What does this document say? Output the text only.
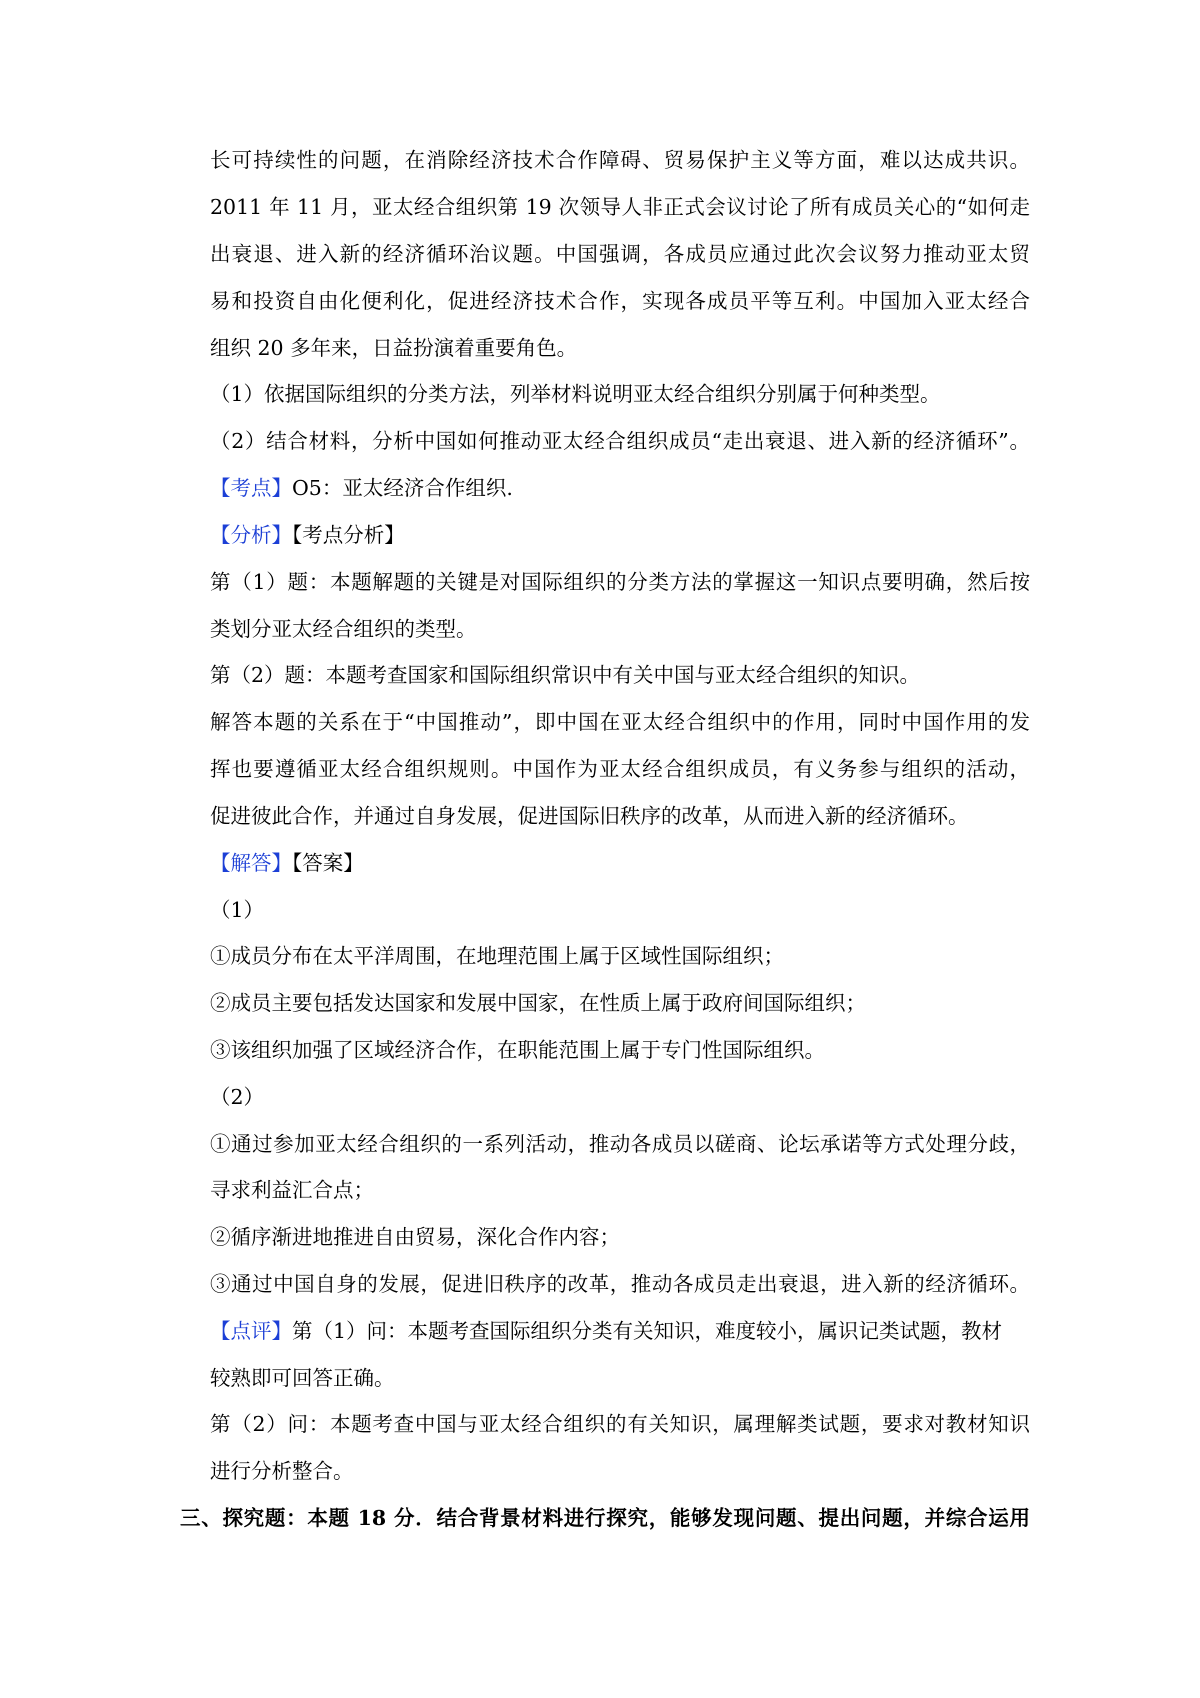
长可持续性的问题，在消除经济技术合作障碍、贸易保护主义等方面，难以达成共识。
2011 年 11 月，亚太经合组织第 19 次领导人非正式会议讨论了所有成员关心的“如何走
出衰退、进入新的经济循环治议题。中国强调，各成员应通过此次会议努力推动亚太贸
易和投资自由化便利化，促进经济技术合作，实现各成员平等互利。中国加入亚太经合
组织 20 多年来，日益扮演着重要角色。
（1）依据国际组织的分类方法，列举材料说明亚太经合组织分别属于何种类型。
（2）结合材料，分析中国如何推动亚太经合组织成员“走出衰退、进入新的经济循环”。
【考点】O5：亚太经济合作组织.
【分析】【考点分析】
第（1）题：本题解题的关键是对国际组织的分类方法的掌握这一知识点要明确，然后按
类划分亚太经合组织的类型。
第（2）题：本题考查国家和国际组织常识中有关中国与亚太经合组织的知识。
解答本题的关系在于“中国推动”，即中国在亚太经合组织中的作用，同时中国作用的发
挥也要遵循亚太经合组织规则。中国作为亚太经合组织成员，有义务参与组织的活动，
促进彼此合作，并通过自身发展，促进国际旧秩序的改革，从而进入新的经济循环。
【解答】【答案】
（1）
①成员分布在太平洋周围，在地理范围上属于区域性国际组织；
②成员主要包括发达国家和发展中国家，在性质上属于政府间国际组织；
③该组织加强了区域经济合作，在职能范围上属于专门性国际组织。
（2）
①通过参加亚太经合组织的一系列活动，推动各成员以磋商、论坛承诺等方式处理分歧，
寻求利益汇合点；
②循序渐进地推进自由贸易，深化合作内容；
③通过中国自身的发展，促进旧秩序的改革，推动各成员走出衰退，进入新的经济循环。
【点评】第（1）问：本题考查国际组织分类有关知识，难度较小，属识记类试题，教材
较熟即可回答正确。
第（2）问：本题考查中国与亚太经合组织的有关知识，属理解类试题，要求对教材知识
进行分析整合。
三、探究题：本题 18 分．结合背景材料进行探究，能够发现问题、提出问题，并综合运用
